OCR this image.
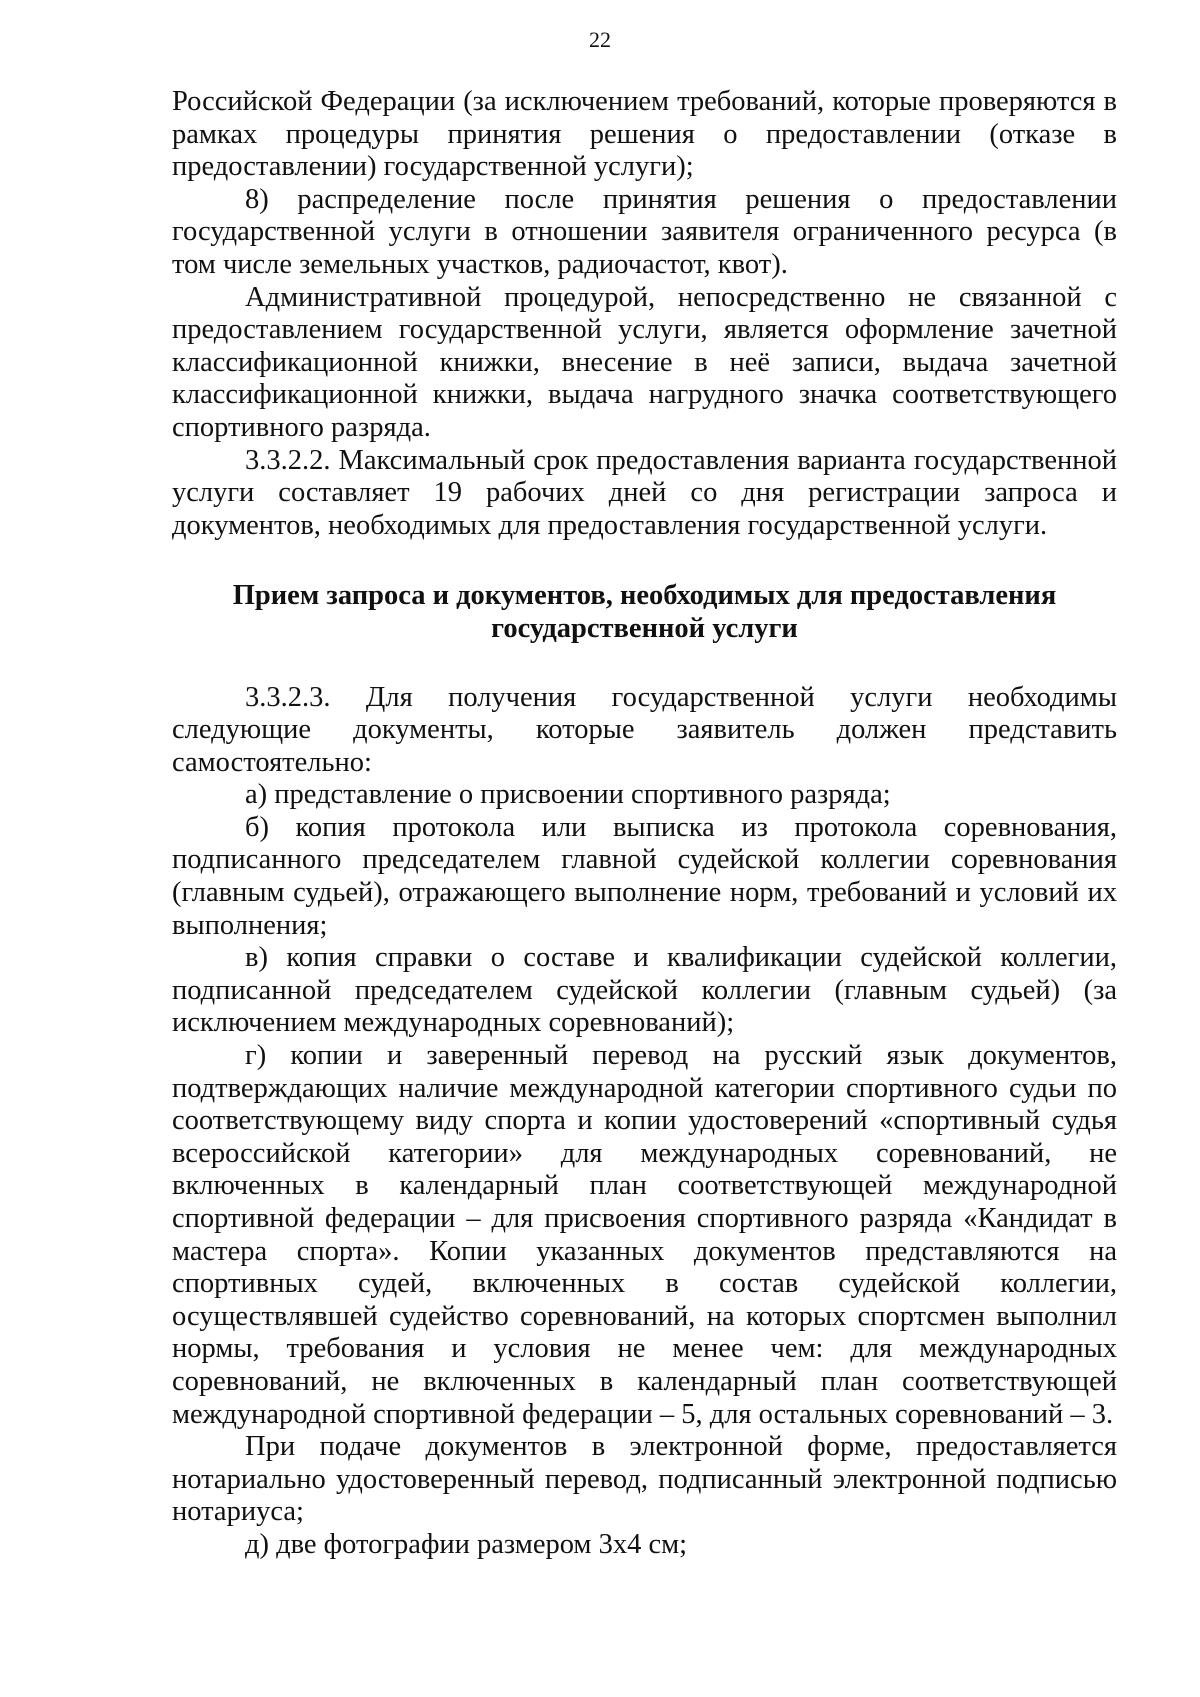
22

Российской Федерации (за исключением требований, которые проверяются в рамках процедуры принятия решения о предоставлении (отказе в предоставлении) государственной услуги);

8) распределение после принятия решения о предоставлении государственной услуги в отношении заявителя ограниченного ресурса (в том числе земельных участков, радиочастот, квот).

Административной процедурой, непосредственно не связанной с предоставлением государственной услуги, является оформление зачетной классификационной книжки, внесение в неё записи, выдача зачетной классификационной книжки, выдача нагрудного значка соответствующего спортивного разряда.

3.3.2.2. Максимальный срок предоставления варианта государственной услуги составляет 19 рабочих дней со дня регистрации запроса и документов, необходимых для предоставления государственной услуги.

Прием запроса и документов, необходимых для предоставления государственной услуги

3.3.2.3. Для получения государственной услуги необходимы следующие документы, которые заявитель должен представить самостоятельно:

а) представление о присвоении спортивного разряда;

б) копия протокола или выписка из протокола соревнования, подписанного председателем главной судейской коллегии соревнования (главным судьей), отражающего выполнение норм, требований и условий их выполнения;

в) копия справки о составе и квалификации судейской коллегии, подписанной председателем судейской коллегии (главным судьей) (за исключением международных соревнований);

г) копии и заверенный перевод на русский язык документов, подтверждающих наличие международной категории спортивного судьи по соответствующему виду спорта и копии удостоверений «спортивный судья всероссийской категории» для международных соревнований, не включенных в календарный план соответствующей международной спортивной федерации – для присвоения спортивного разряда «Кандидат в мастера спорта». Копии указанных документов представляются на спортивных судей, включенных в состав судейской коллегии, осуществлявшей судейство соревнований, на которых спортсмен выполнил нормы, требования и условия не менее чем: для международных соревнований, не включенных в календарный план соответствующей международной спортивной федерации – 5, для остальных соревнований – 3.

При подаче документов в электронной форме, предоставляется нотариально удостоверенный перевод, подписанный электронной подписью нотариуса;

д) две фотографии размером 3х4 см;
